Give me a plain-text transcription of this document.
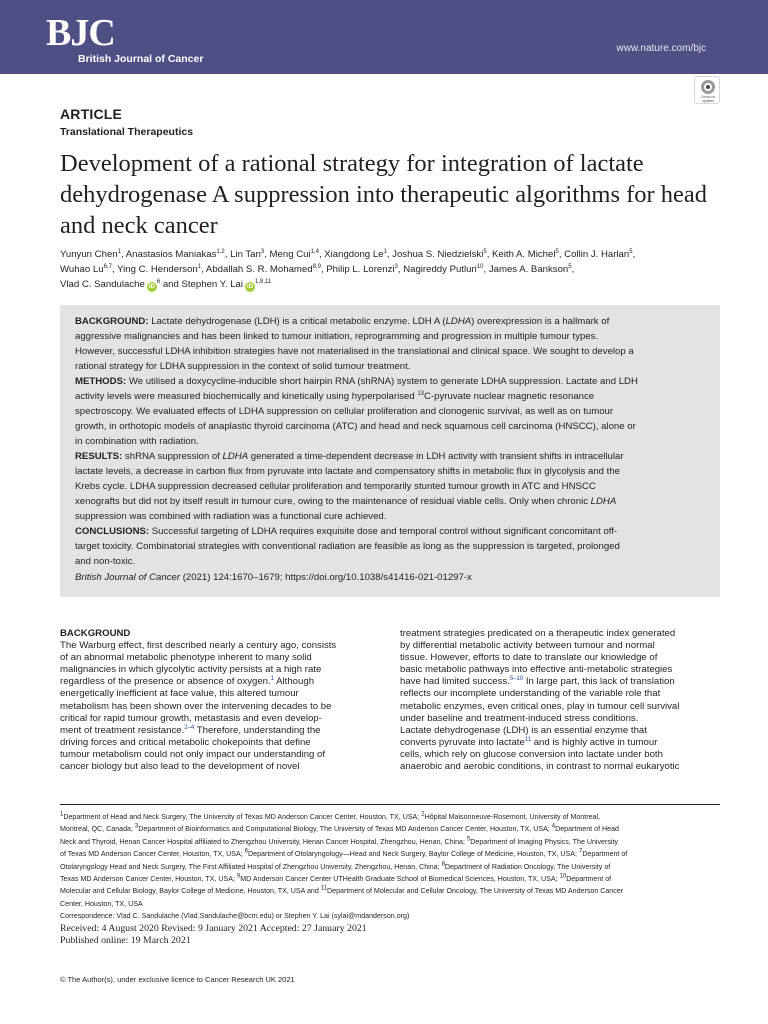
BJC
British Journal of Cancer
www.nature.com/bjc
Check for updates
ARTICLE
Translational Therapeutics
Development of a rational strategy for integration of lactate dehydrogenase A suppression into therapeutic algorithms for head and neck cancer
Yunyun Chen$^1$, Anastasios Maniakas$^{1,2}$, Lin Tan$^3$, Meng Cui$^{1,4}$, Xiangdong Le$^1$, Joshua S. Niedzielski$^5$, Keith A. Michel$^5$, Collin J. Harlan$^5$,
Wuhao Lu$^{6,7}$, Ying C. Henderson$^1$, Abdallah S. R. Mohamed$^{8,9}$, Philip L. Lorenzi$^3$, Nagireddy Putluri$^{10}$, James A. Bankson$^5$,
Vlad C. Sandulache $iD^6$ and Stephen Y. Lai iD$^{1,8,11}$
BACKGROUND: Lactate dehydrogenase (LDH) is a critical metabolic enzyme. LDH A (LDHA) overexpression is a hallmark of
aggressive malignancies and has been linked to tumour initiation, reprogramming and progression in multiple tumour types.
However, successful LDHA inhibition strategies have not materialised in the translational and clinical space. We sought to develop a
rational strategy for LDHA suppression in the context of solid tumour treatment.
METHODS: We utilised a doxycycline-inducible short hairpin RNA (shRNA) system to generate LDHA suppression. Lactate and LDH
activity levels were measured biochemically and kinetically using hyperpolarised $^{13}$C-pyruvate nuclear magnetic resonance
spectroscopy. We evaluated effects of LDHA suppression on cellular proliferation and clonogenic survival, as well as on tumour
growth, in orthotopic models of anaplastic thyroid carcinoma (ATC) and head and neck squamous cell carcinoma (HNSCC), alone or
in combination with radiation.
RESULTS: shRNA suppression of LDHA generated a time-dependent decrease in LDH activity with transient shifts in intracellular
lactate levels, a decrease in carbon flux from pyruvate into lactate and compensatory shifts in metabolic flux in glycolysis and the
Krebs cycle. LDHA suppression decreased cellular proliferation and temporarily stunted tumour growth in ATC and HNSCC
xenografts but did not by itself result in tumour cure, owing to the maintenance of residual viable cells. Only when chronic LDHA
suppression was combined with radiation was a functional cure achieved.
CONCLUSIONS: Successful targeting of LDHA requires exquisite dose and temporal control without significant concomitant off-
target toxicity. Combinatorial strategies with conventional radiation are feasible as long as the suppression is targeted, prolonged
and non-toxic.
British Journal of Cancer (2021) 124:1670–1679; https://doi.org/10.1038/s41416-021-01297-x
BACKGROUND
The Warburg effect, first described nearly a century ago, consists
of an abnormal metabolic phenotype inherent to many solid
malignancies in which glycolytic activity persists at a high rate
regardless of the presence or absence of oxygen.$^1$ Although
energetically inefficient at face value, this altered tumour
metabolism has been shown over the intervening decades to be
critical for rapid tumour growth, metastasis and even develop-
ment of treatment resistance.$^{2-4}$ Therefore, understanding the
driving forces and critical metabolic chokepoints that define
tumour metabolism could not only impact our understanding of
cancer biology but also lead to the development of novel
treatment strategies predicated on a therapeutic index generated
by differential metabolic activity between tumour and normal
tissue. However, efforts to date to translate our knowledge of
basic metabolic pathways into effective anti-metabolic strategies
have had limited success.$^{5-10}$ In large part, this lack of translation
reflects our incomplete understanding of the variable role that
metabolic enzymes, even critical ones, play in tumour cell survival
under baseline and treatment-induced stress conditions.
Lactate dehydrogenase (LDH) is an essential enzyme that
converts pyruvate into lactate$^{11}$ and is highly active in tumour
cells, which rely on glucose conversion into lactate under both
anaerobic and aerobic conditions, in contrast to normal eukaryotic
$^1$Department of Head and Neck Surgery, The University of Texas MD Anderson Cancer Center, Houston, TX, USA; $^2$Hôpital Maisonneuve-Rosemont, University of Montreal,
Montreal, QC, Canada; $^3$Department of Bioinformatics and Computational Biology, The University of Texas MD Anderson Cancer Center, Houston, TX, USA; $^4$Department of Head
Neck and Thyroid, Henan Cancer Hospital affiliated to Zhengzhou University, Henan Cancer Hospital, Zhengzhou, Henan, China; $^5$Department of Imaging Physics, The University
of Texas MD Anderson Cancer Center, Houston, TX, USA; $^6$Department of Otolaryngology—Head and Neck Surgery, Baylor College of Medicine, Houston, TX, USA; $^7$Department of
Otolaryngology Head and Neck Surgery, The First Affiliated Hospital of Zhengzhou University, Zhengzhou, Henan, China; $^8$Department of Radiation Oncology, The University of
Texas MD Anderson Cancer Center, Houston, TX, USA; $^9$MD Anderson Cancer Center UTHealth Graduate School of Biomedical Sciences, Houston, TX, USA; $^{10}$Department of
Molecular and Cellular Biology, Baylor College of Medicine, Houston, TX, USA and $^{11}$Department of Molecular and Cellular Oncology, The University of Texas MD Anderson Cancer
Center, Houston, TX, USA
Correspondence: Vlad C. Sandulache (Vlad.Sandulache@bcm.edu) or Stephen Y. Lai (sylai@mdanderson.org)
Received: 4 August 2020 Revised: 9 January 2021 Accepted: 27 January 2021
Published online: 19 March 2021
© The Author(s), under exclusive licence to Cancer Research UK 2021
